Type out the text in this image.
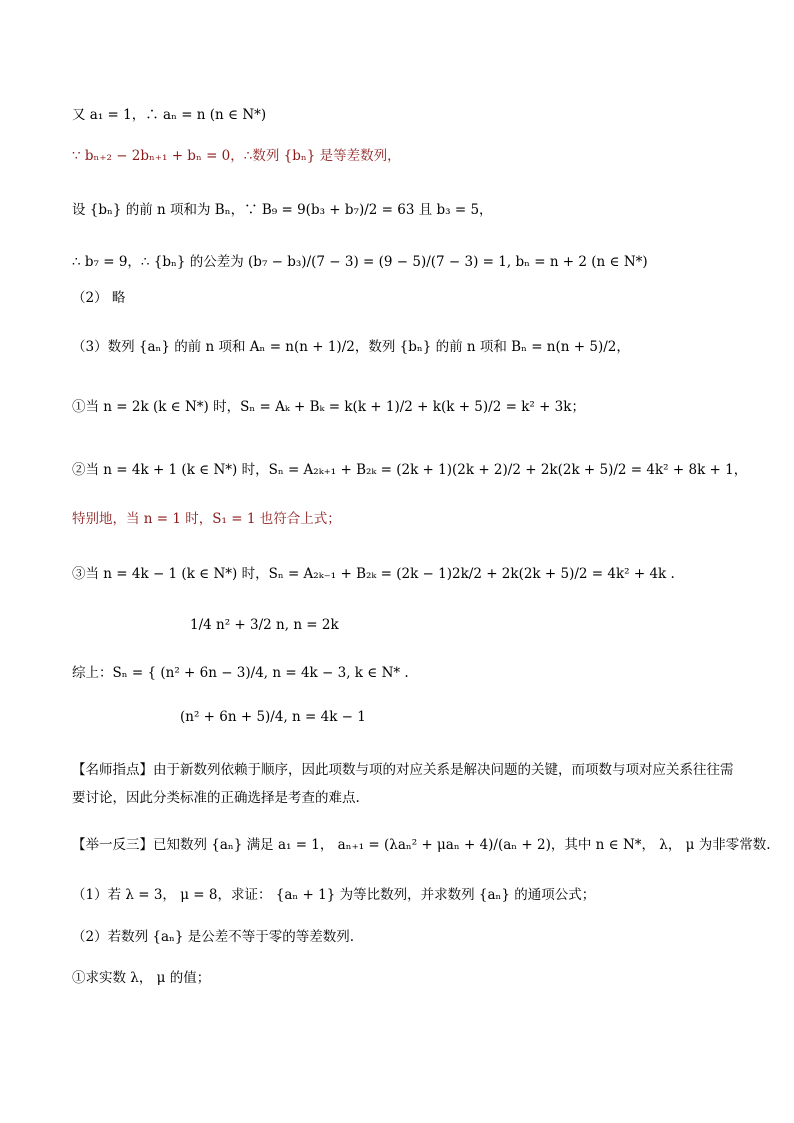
又 a₁ = 1，∴ aₙ = n (n ∈ N*)
∵ bₙ₊₂ − 2bₙ₊₁ + bₙ = 0，∴数列 {bₙ} 是等差数列，
设 {bₙ} 的前 n 项和为 Bₙ，∵ B₉ = 9(b₃ + b₇)/2 = 63 且 b₃ = 5，
∴ b₇ = 9，∴ {bₙ} 的公差为 (b₇ − b₃)/(7 − 3) = (9 − 5)/(7 − 3) = 1, bₙ = n + 2 (n ∈ N*)
（2） 略
（3）数列 {aₙ} 的前 n 项和 Aₙ = n(n + 1)/2，数列 {bₙ} 的前 n 项和 Bₙ = n(n + 5)/2，
①当 n = 2k (k ∈ N*) 时，Sₙ = Aₖ + Bₖ = k(k + 1)/2 + k(k + 5)/2 = k² + 3k；
②当 n = 4k + 1 (k ∈ N*) 时，Sₙ = A₂ₖ₊₁ + B₂ₖ = (2k + 1)(2k + 2)/2 + 2k(2k + 5)/2 = 4k² + 8k + 1，
特别地，当 n = 1 时，S₁ = 1 也符合上式；
③当 n = 4k − 1 (k ∈ N*) 时，Sₙ = A₂ₖ₋₁ + B₂ₖ = (2k − 1)2k/2 + 2k(2k + 5)/2 = 4k² + 4k .
1/4 n² + 3/2 n, n = 2k
综上：Sₙ = { (n² + 6n − 3)/4, n = 4k − 3, k ∈ N* .
(n² + 6n + 5)/4, n = 4k − 1
【名师指点】由于新数列依赖于顺序，因此项数与项的对应关系是解决问题的关键，而项数与项对应关系往往需要讨论，因此分类标准的正确选择是考查的难点.
【举一反三】已知数列 {aₙ} 满足 a₁ = 1， aₙ₊₁ = (λaₙ² + μaₙ + 4)/(aₙ + 2)，其中 n ∈ N*， λ， μ 为非零常数.
（1）若 λ = 3， μ = 8，求证： {aₙ + 1} 为等比数列，并求数列 {aₙ} 的通项公式；
（2）若数列 {aₙ} 是公差不等于零的等差数列.
①求实数 λ， μ 的值；
